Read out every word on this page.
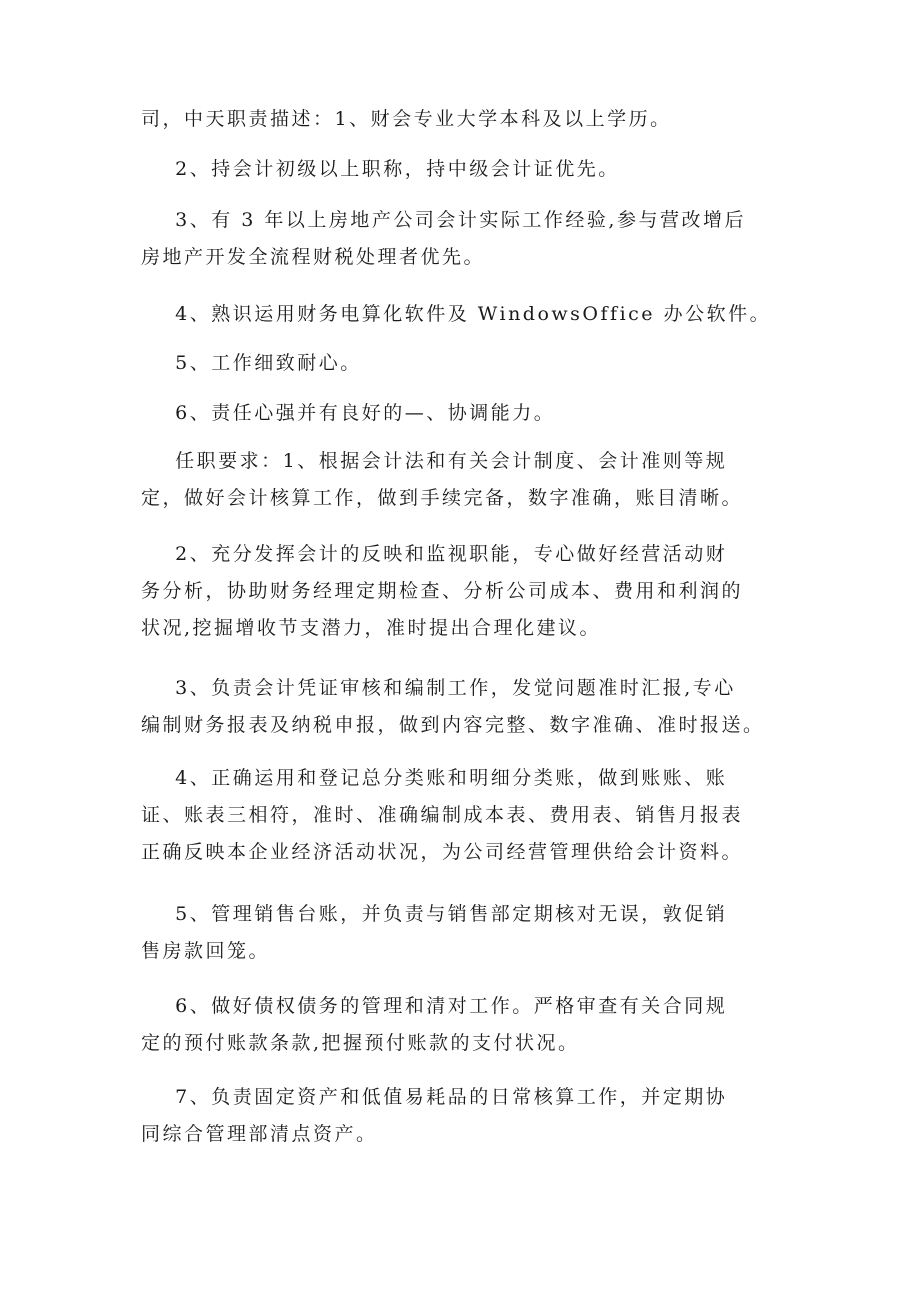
司，中天职责描述：1、财会专业大学本科及以上学历。

2、持会计初级以上职称，持中级会计证优先。

3、有 3 年以上房地产公司会计实际工作经验,参与营改增后
房地产开发全流程财税处理者优先。

4、熟识运用财务电算化软件及 WindowsOffice 办公软件。

5、工作细致耐心。

6、责任心强并有良好的—、协调能力。

任职要求：1、根据会计法和有关会计制度、会计准则等规
定，做好会计核算工作，做到手续完备，数字准确，账目清晰。

2、充分发挥会计的反映和监视职能，专心做好经营活动财
务分析，协助财务经理定期检查、分析公司成本、费用和利润的
状况,挖掘增收节支潜力，准时提出合理化建议。

3、负责会计凭证审核和编制工作，发觉问题准时汇报,专心
编制财务报表及纳税申报，做到内容完整、数字准确、准时报送。

4、正确运用和登记总分类账和明细分类账，做到账账、账
证、账表三相符，准时、准确编制成本表、费用表、销售月报表
正确反映本企业经济活动状况，为公司经营管理供给会计资料。

5、管理销售台账，并负责与销售部定期核对无误，敦促销
售房款回笼。

6、做好债权债务的管理和清对工作。严格审查有关合同规
定的预付账款条款,把握预付账款的支付状况。

7、负责固定资产和低值易耗品的日常核算工作，并定期协
同综合管理部清点资产。
